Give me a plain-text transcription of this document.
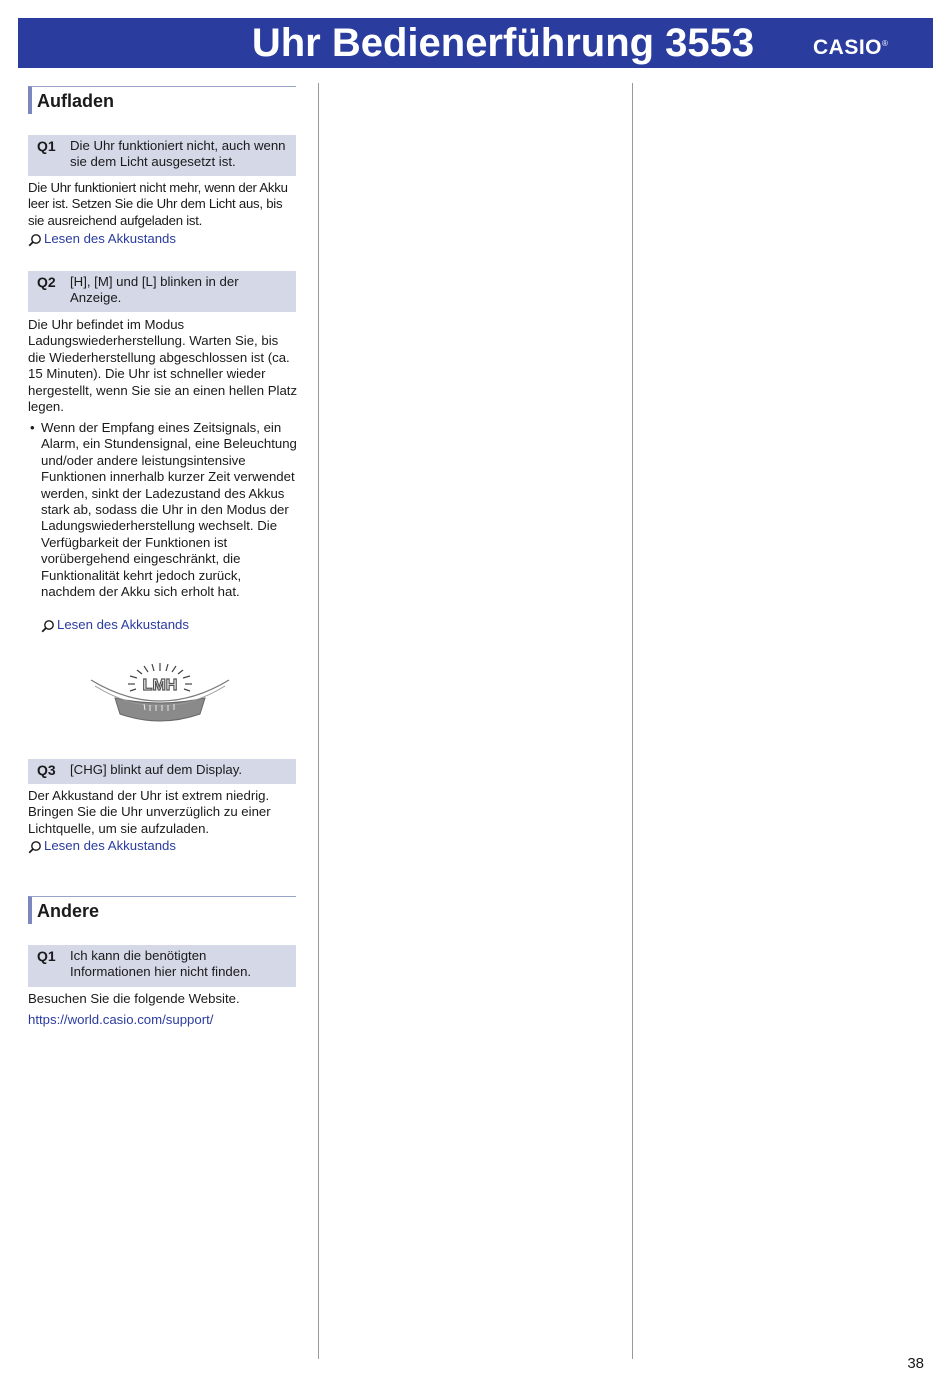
Uhr Bedienerführung 3553	CASIO®
Aufladen
Q1 Die Uhr funktioniert nicht, auch wenn sie dem Licht ausgesetzt ist.
Die Uhr funktioniert nicht mehr, wenn der Akku leer ist. Setzen Sie die Uhr dem Licht aus, bis sie ausreichend aufgeladen ist.
Lesen des Akkustands
Q2 [H], [M] und [L] blinken in der Anzeige.
Die Uhr befindet im Modus Ladungswiederherstellung. Warten Sie, bis die Wiederherstellung abgeschlossen ist (ca. 15 Minuten). Die Uhr ist schneller wieder hergestellt, wenn Sie sie an einen hellen Platz legen.
• Wenn der Empfang eines Zeitsignals, ein Alarm, ein Stundensignal, eine Beleuchtung und/oder andere leistungsintensive Funktionen innerhalb kurzer Zeit verwendet werden, sinkt der Ladezustand des Akkus stark ab, sodass die Uhr in den Modus der Ladungswiederherstellung wechselt. Die Verfügbarkeit der Funktionen ist vorübergehend eingeschränkt, die Funktionalität kehrt jedoch zurück, nachdem der Akku sich erholt hat.
Lesen des Akkustands
LMH
Q3 [CHG] blinkt auf dem Display.
Der Akkustand der Uhr ist extrem niedrig. Bringen Sie die Uhr unverzüglich zu einer Lichtquelle, um sie aufzuladen.
Lesen des Akkustands
Andere
Q1 Ich kann die benötigten Informationen hier nicht finden.
Besuchen Sie die folgende Website.
https://world.casio.com/support/
38
